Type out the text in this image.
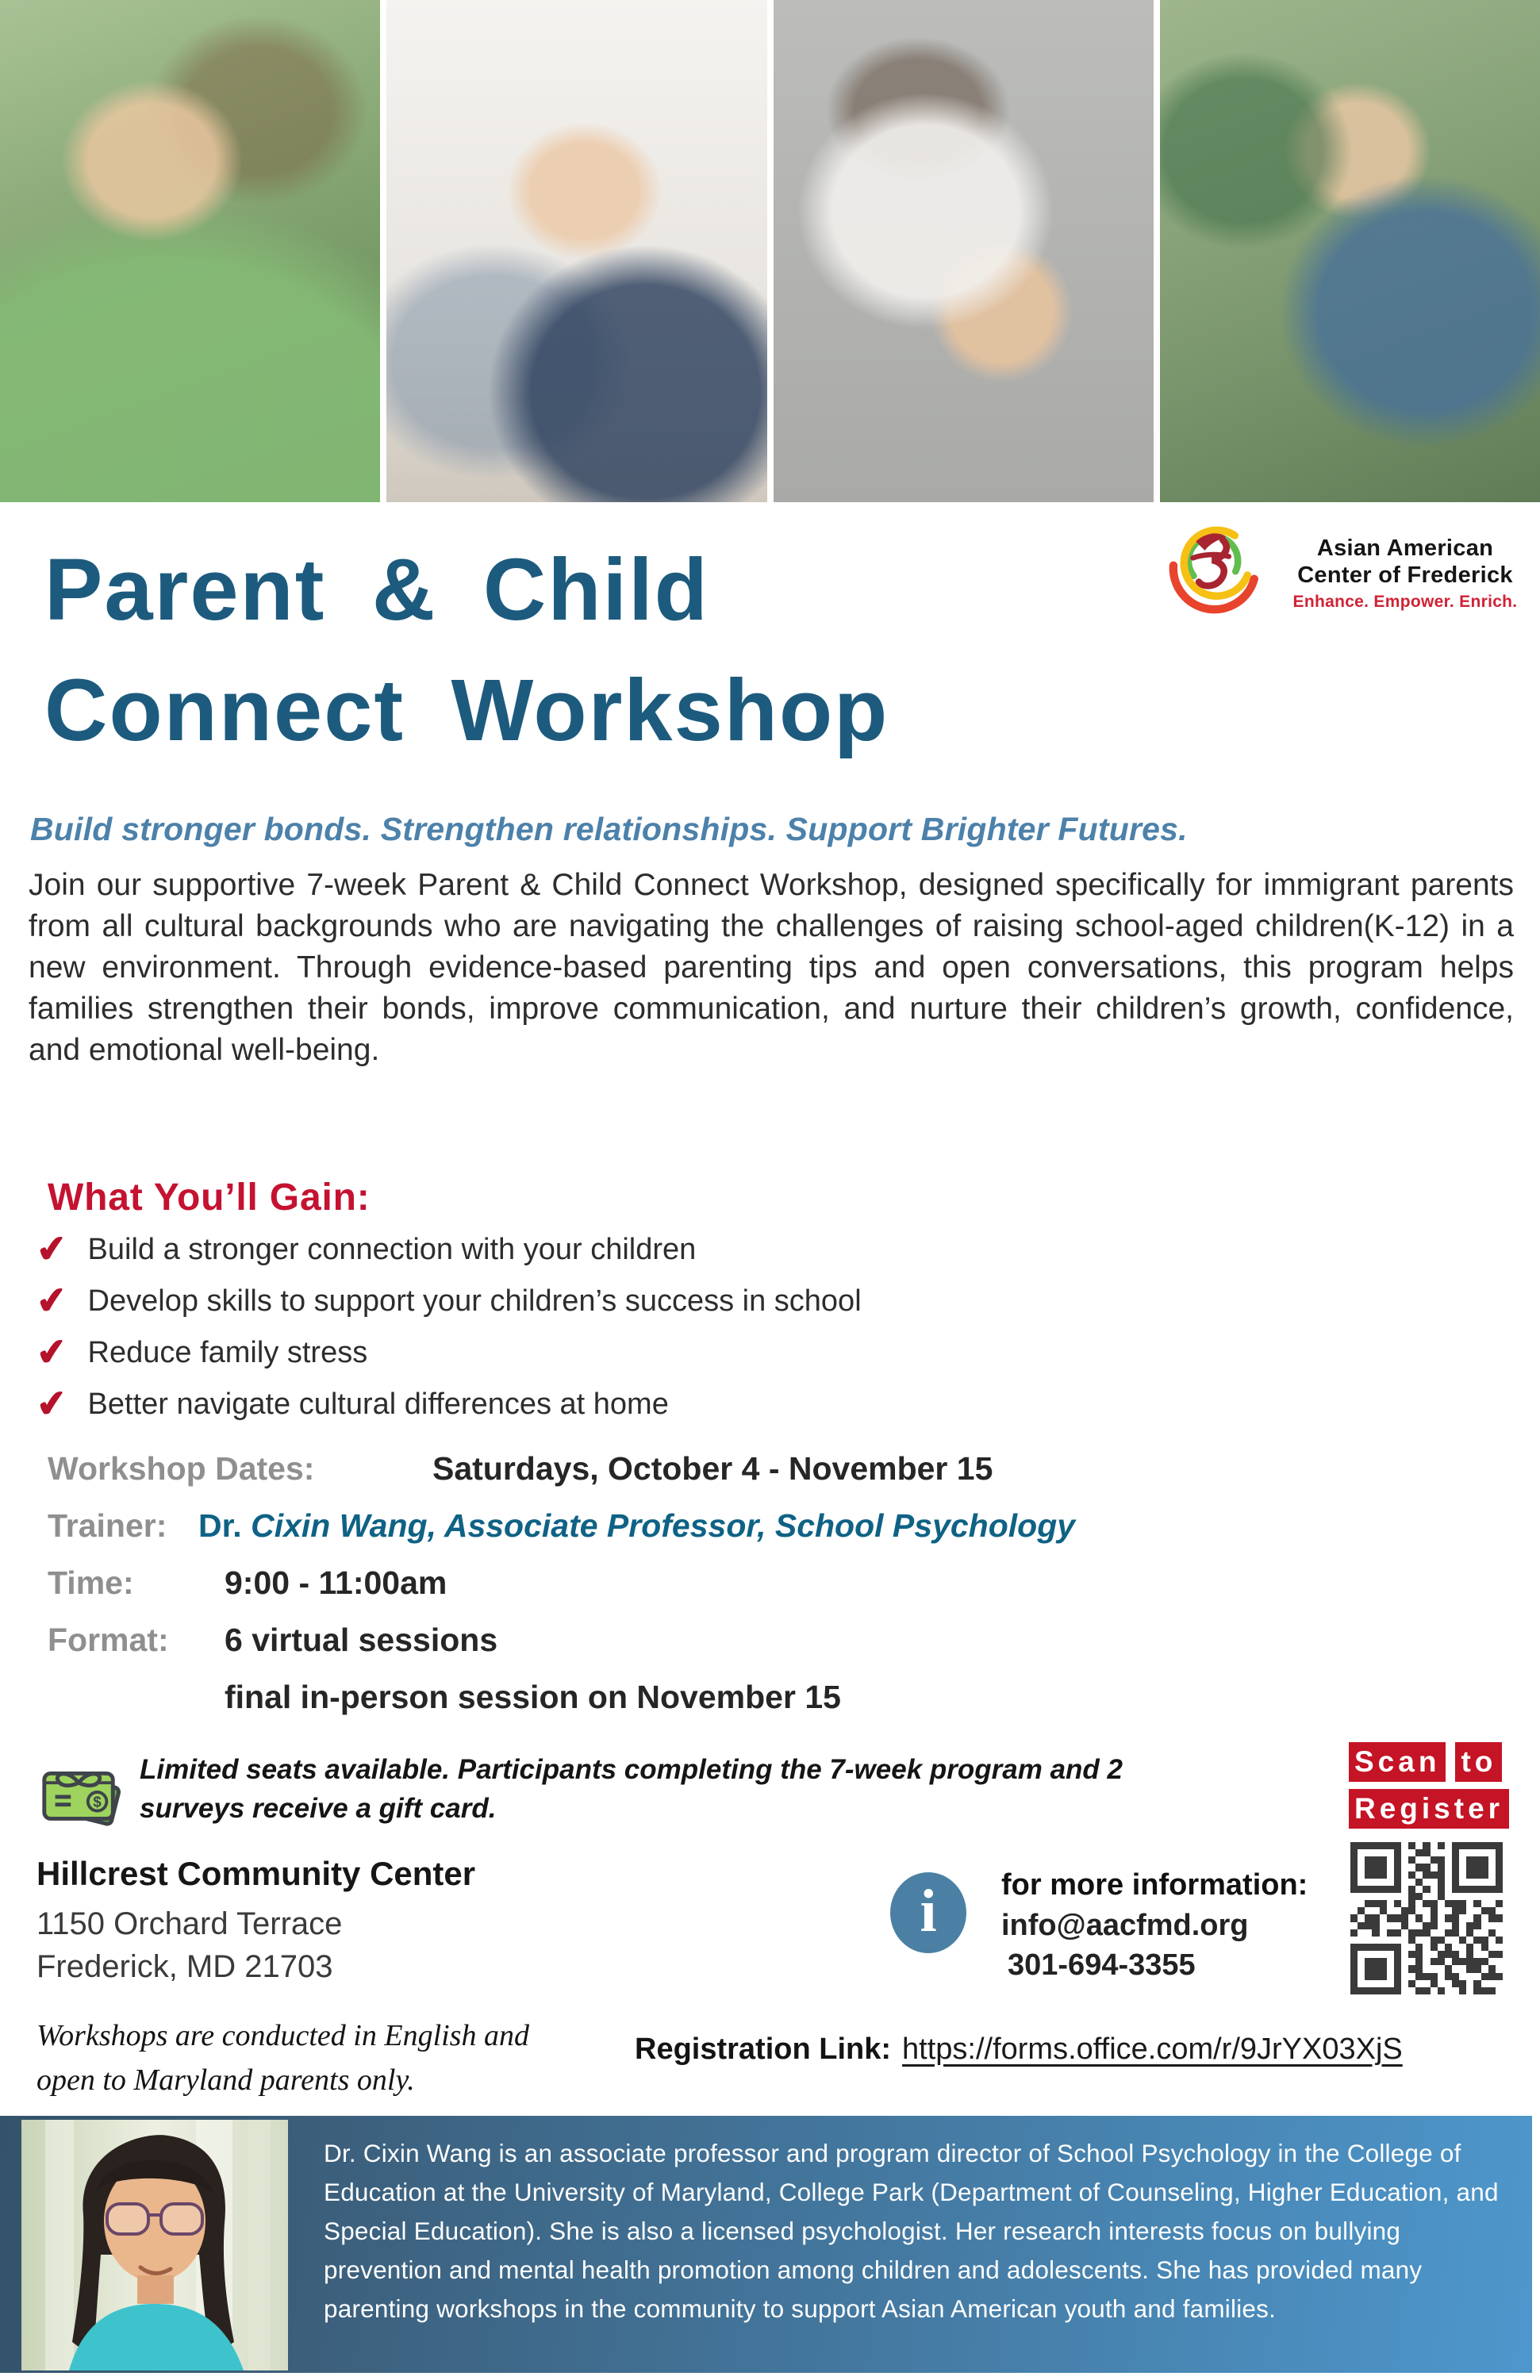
Asian American
Center of Frederick
Enhance. Empower. Enrich.
Parent & Child
Connect Workshop
Build stronger bonds. Strengthen relationships. Support Brighter Futures.
Join our supportive 7-week Parent & Child Connect Workshop, designed specifically for immigrant parents from all cultural backgrounds who are navigating the challenges of raising school-aged children(K-12) in a new environment. Through evidence-based parenting tips and open conversations, this program helps families strengthen their bonds, improve communication, and nurture their children’s growth, confidence, and emotional well-being.
What You’ll Gain:
✔ Build a stronger connection with your children
✔ Develop skills to support your children’s success in school
✔ Reduce family stress
✔ Better navigate cultural differences at home
Workshop Dates:	Saturdays, October 4 - November 15
Trainer: Dr. Cixin Wang, Associate Professor, School Psychology
Time:	9:00 - 11:00am
Format: 6 virtual sessions
final in-person session on November 15
$
Limited seats available. Participants completing the 7-week program and 2 surveys receive a gift card.
Scan to
Register
Hillcrest Community Center
1150 Orchard Terrace
Frederick, MD 21703
i	for more information:
info@aacfmd.org
301-694-3355
Workshops are conducted in English and
open to Maryland parents only.
Registration Link: https://forms.office.com/r/9JrYX03XjS
Dr. Cixin Wang is an associate professor and program director of School Psychology in the College of Education at the University of Maryland, College Park (Department of Counseling, Higher Education, and Special Education). She is also a licensed psychologist. Her research interests focus on bullying prevention and mental health promotion among children and adolescents. She has provided many parenting workshops in the community to support Asian American youth and families.
